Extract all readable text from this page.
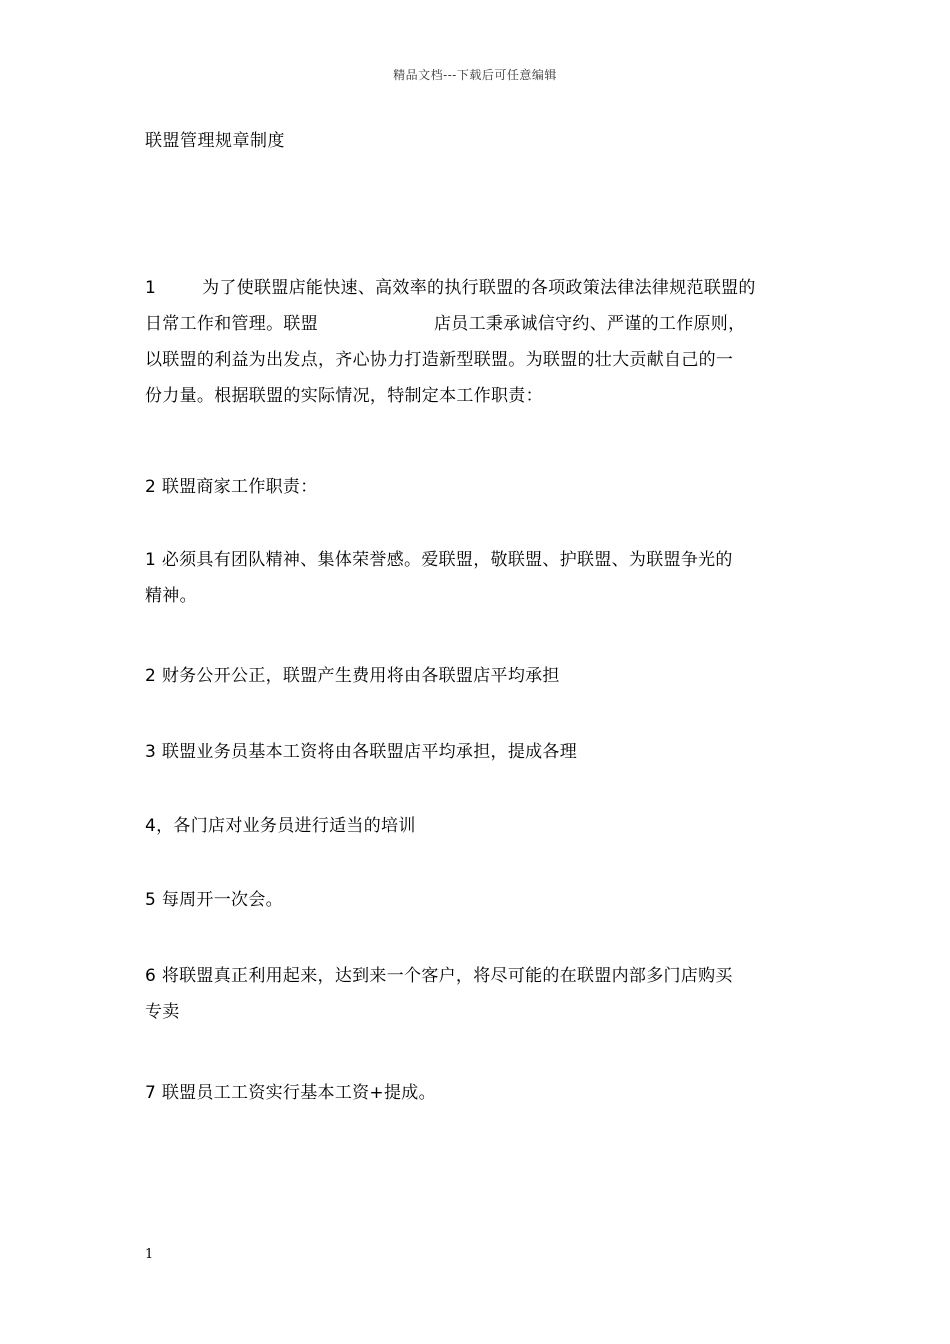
精品文档---下载后可任意编辑
联盟管理规章制度
1	为了使联盟店能快速、高效率的执行联盟的各项政策法律法律规范联盟的
日常工作和管理。联盟	店员工秉承诚信守约、严谨的工作原则，
以联盟的利益为出发点，齐心协力打造新型联盟。为联盟的壮大贡献自己的一
份力量。根据联盟的实际情况，特制定本工作职责：
2 联盟商家工作职责：
1 必须具有团队精神、集体荣誉感。爱联盟，敬联盟、护联盟、为联盟争光的
精神。
2 财务公开公正，联盟产生费用将由各联盟店平均承担
3 联盟业务员基本工资将由各联盟店平均承担，提成各理
4，各门店对业务员进行适当的培训
5 每周开一次会。
6 将联盟真正利用起来，达到来一个客户，将尽可能的在联盟内部多门店购买
专卖
7 联盟员工工资实行基本工资+提成。
1
